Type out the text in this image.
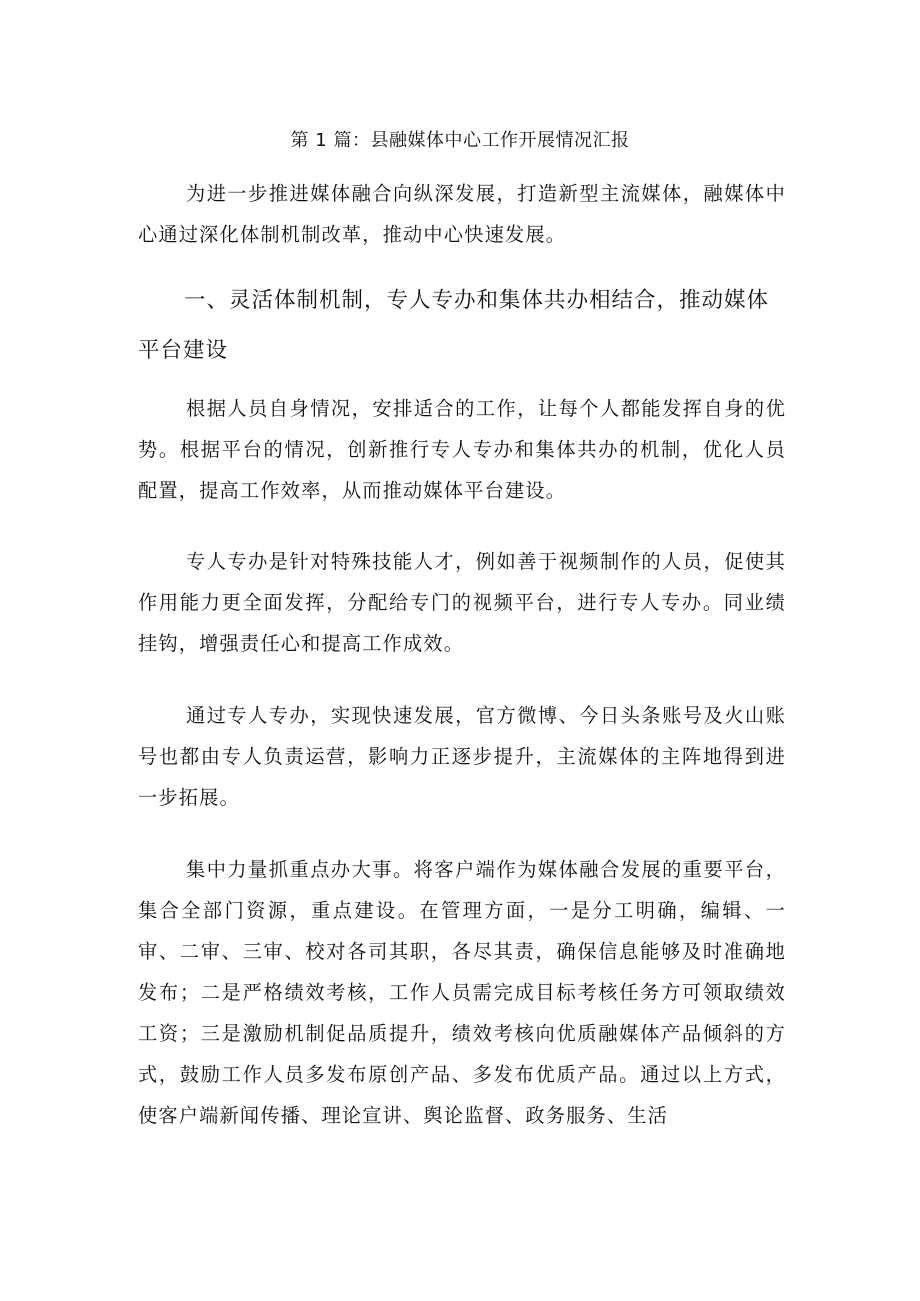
第 1 篇：县融媒体中心工作开展情况汇报

为进一步推进媒体融合向纵深发展，打造新型主流媒体，融媒体中心通过深化体制机制改革，推动中心快速发展。

一、灵活体制机制，专人专办和集体共办相结合，推动媒体平台建设

根据人员自身情况，安排适合的工作，让每个人都能发挥自身的优势。根据平台的情况，创新推行专人专办和集体共办的机制，优化人员配置，提高工作效率，从而推动媒体平台建设。

专人专办是针对特殊技能人才，例如善于视频制作的人员，促使其作用能力更全面发挥，分配给专门的视频平台，进行专人专办。同业绩挂钩，增强责任心和提高工作成效。

通过专人专办，实现快速发展，官方微博、今日头条账号及火山账号也都由专人负责运营，影响力正逐步提升，主流媒体的主阵地得到进一步拓展。

集中力量抓重点办大事。将客户端作为媒体融合发展的重要平台，集合全部门资源，重点建设。在管理方面，一是分工明确，编辑、一审、二审、三审、校对各司其职，各尽其责，确保信息能够及时准确地发布；二是严格绩效考核，工作人员需完成目标考核任务方可领取绩效工资；三是激励机制促品质提升，绩效考核向优质融媒体产品倾斜的方式，鼓励工作人员多发布原创产品、多发布优质产品。通过以上方式，使客户端新闻传播、理论宣讲、舆论监督、政务服务、生活
